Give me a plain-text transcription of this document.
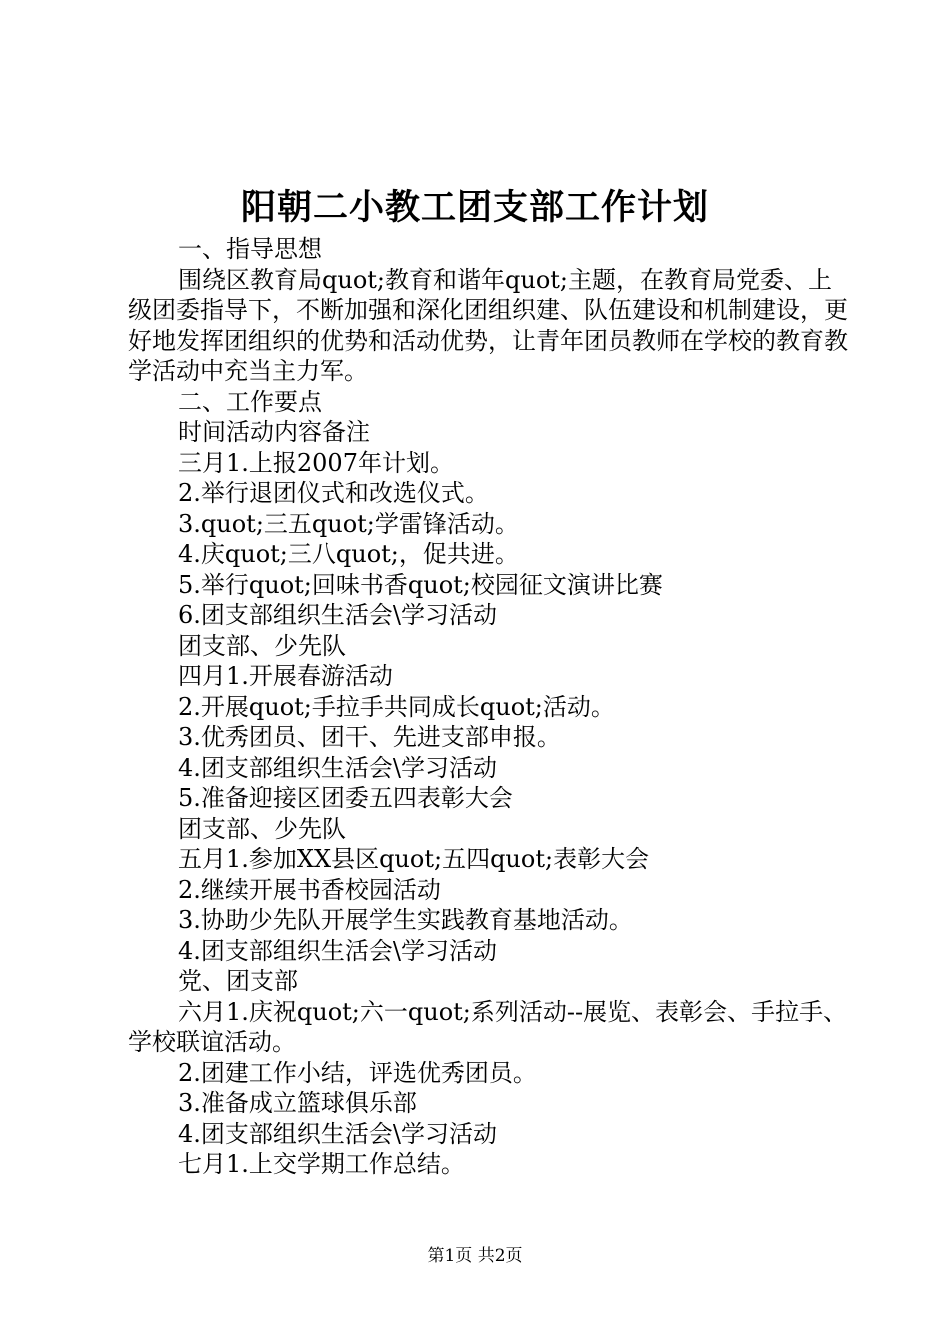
阳朝二小教工团支部工作计划

一、指导思想

围绕区教育局quot;教育和谐年quot;主题，在教育局党委、上级团委指导下，不断加强和深化团组织建、队伍建设和机制建设，更好地发挥团组织的优势和活动优势，让青年团员教师在学校的教育教学活动中充当主力军。

二、工作要点

时间活动内容备注

三月1.上报2007年计划。

2.举行退团仪式和改选仪式。

3.quot;三五quot;学雷锋活动。

4.庆quot;三八quot;，促共进。

5.举行quot;回味书香quot;校园征文演讲比赛

6.团支部组织生活会\学习活动

团支部、少先队

四月1.开展春游活动

2.开展quot;手拉手共同成长quot;活动。

3.优秀团员、团干、先进支部申报。

4.团支部组织生活会\学习活动

5.准备迎接区团委五四表彰大会

团支部、少先队

五月1.参加XX县区quot;五四quot;表彰大会

2.继续开展书香校园活动

3.协助少先队开展学生实践教育基地活动。

4.团支部组织生活会\学习活动

党、团支部

六月1.庆祝quot;六一quot;系列活动--展览、表彰会、手拉手、学校联谊活动。

2.团建工作小结，评选优秀团员。

3.准备成立篮球俱乐部

4.团支部组织生活会\学习活动

七月1.上交学期工作总结。

第1页 共2页
